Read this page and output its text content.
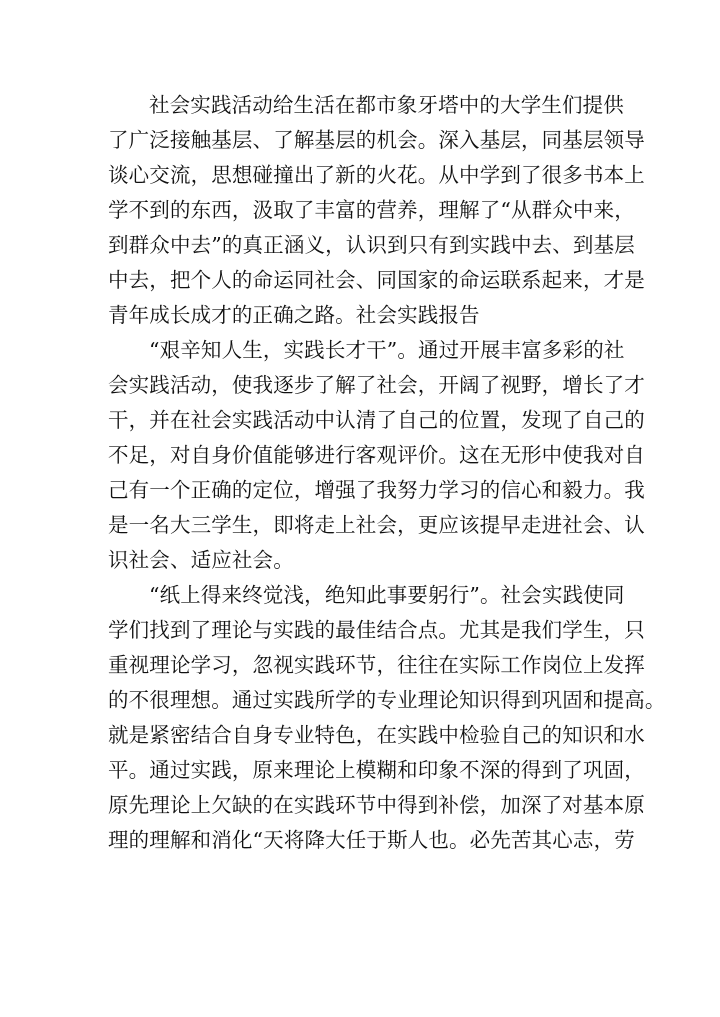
社会实践活动给生活在都市象牙塔中的大学生们提供
了广泛接触基层、了解基层的机会。深入基层，同基层领导
谈心交流，思想碰撞出了新的火花。从中学到了很多书本上
学不到的东西，汲取了丰富的营养，理解了“从群众中来，
到群众中去”的真正涵义，认识到只有到实践中去、到基层
中去，把个人的命运同社会、同国家的命运联系起来，才是
青年成长成才的正确之路。社会实践报告
“艰辛知人生，实践长才干”。通过开展丰富多彩的社
会实践活动，使我逐步了解了社会，开阔了视野，增长了才
干，并在社会实践活动中认清了自己的位置，发现了自己的
不足，对自身价值能够进行客观评价。这在无形中使我对自
己有一个正确的定位，增强了我努力学习的信心和毅力。我
是一名大三学生，即将走上社会，更应该提早走进社会、认
识社会、适应社会。
“纸上得来终觉浅，绝知此事要躬行”。社会实践使同
学们找到了理论与实践的最佳结合点。尤其是我们学生，只
重视理论学习，忽视实践环节，往往在实际工作岗位上发挥
的不很理想。通过实践所学的专业理论知识得到巩固和提高。
就是紧密结合自身专业特色，在实践中检验自己的知识和水
平。通过实践，原来理论上模糊和印象不深的得到了巩固，
原先理论上欠缺的在实践环节中得到补偿，加深了对基本原
理的理解和消化“天将降大任于斯人也。必先苦其心志，劳
